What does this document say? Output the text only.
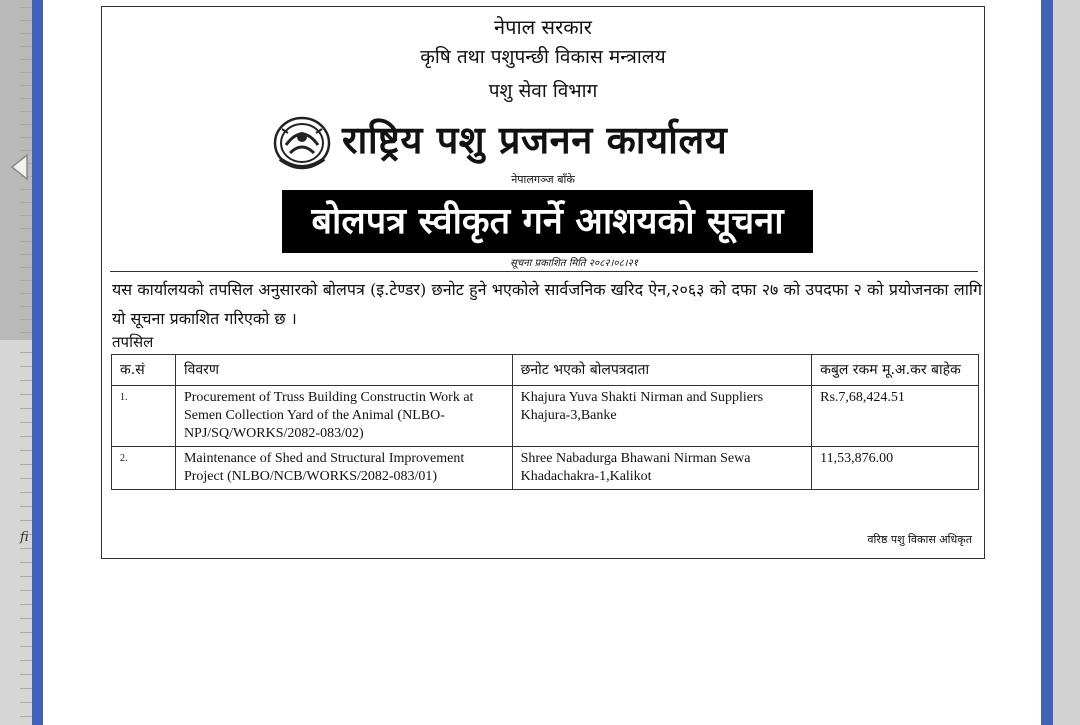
fi
नेपाल सरकार
कृषि तथा पशुपन्छी विकास मन्त्रालय
पशु सेवा विभाग
राष्ट्रिय पशु प्रजनन कार्यालय
नेपालगञ्ज बाँके
बोलपत्र स्वीकृत गर्ने आशयको सूचना
सूचना प्रकाशित मिति २०८२।०८।२१
यस कार्यालयको तपसिल अनुसारको बोलपत्र (इ.टेण्डर) छनोट हुने भएकोले सार्वजनिक खरिद ऐन,२०६३ को दफा २७ को उपदफा २ को प्रयोजनका लागि यो सूचना प्रकाशित गरिएको छ ।
तपसिल
क.सं	विवरण	छनोट भएको बोलपत्रदाता	कबुल रकम मू.अ.कर बाहेक
1.	Procurement of Truss Building Constructin Work at Semen Collection Yard of the Animal (NLBO-NPJ/SQ/WORKS/2082-083/02)	Khajura Yuva Shakti Nirman and Suppliers Khajura-3,Banke	Rs.7,68,424.51
2.	Maintenance of Shed and Structural Improvement Project (NLBO/NCB/WORKS/2082-083/01)	Shree Nabadurga Bhawani Nirman Sewa Khadachakra-1,Kalikot	11,53,876.00
वरिष्ठ पशु विकास अधिकृत
